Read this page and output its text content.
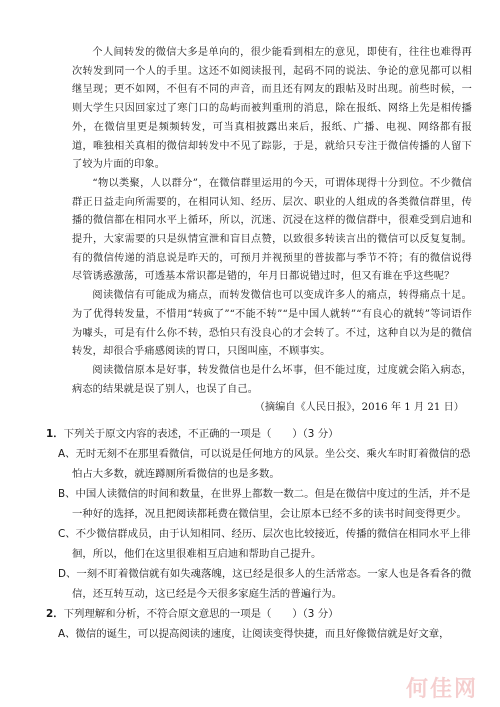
个人间转发的微信大多是单向的，很少能看到相左的意见，即使有，往往也难得再次转发到同一个人的手里。这还不如阅读报刊，起码不同的说法、争论的意见都可以相继呈现；更不如网，不但有不同的声音，而且还有网友的跟帖及时出现。前些时候，一则大学生只因回家过了寒门口的岛屿而被判重刑的消息，除在报纸、网络上先是相传播外，在微信里更是频频转发，可当真相披露出来后，报纸、广播、电视、网络都有报道，唯独相关真相的微信却转发中不见了踪影，于是，就给只专注于微信传播的人留下了较为片面的印象。

“物以类聚，人以群分”，在微信群里运用的今天，可谓体现得十分到位。不少微信群正日益走向所需要的，在相同认知、经历、层次、职业的人组成的各类微信群里，传播的微信都在相同水平上循环，所以，沉迷、沉浸在这样的微信群中，很难受到启迪和提升，大家需要的只是纵情宣泄和盲目点赞，以致很多转读言出的微信可以反复复制。有的微信传递的消息说是昨天的，可预月并视预里的普拔都与季节不符；有的微信说得尽管诱惑激荡，可透基本常识都是错的，年月日都说错过时，但又有谁在乎这些呢？

阅读微信有可能成为痛点，而转发微信也可以变成许多人的痛点，转得痛点十足。为了优得转发量，不惜用“转疯了”“不能不转”“是中国人就转”“有良心的就转”等词语作为噱头，可是有什么你不转，恐怕只有没良心的才会转了。不过，这种自以为是的微信转发，却很合乎痛感阅读的胃口，只图叫座，不顾事实。

阅读微信原本是好事，转发微信也是什么坏事，但不能过度，过度就会陷入病态，病态的结果就是误了别人，也误了自己。

（摘编自《人民日报》，2016 年 1 月 21 日）

1．下列关于原文内容的表述，不正确的一项是（　　）（3 分）

A、无时无刻不在那里看微信，可以说是任何地方的风景。坐公交、乘火车时盯着微信的恐怕占大多数，就连蹲厕所看微信的也是多数。

B、中国人读微信的时间和数量，在世界上都数一数二。但是在微信中度过的生活，并不是一种好的选择，况且把阅读都耗费在微信里，会让原本已经不多的读书时间变得更少。

C、不少微信群成员，由于认知相同、经历、层次也比较接近，传播的微信在相同水平上徘徊，所以，他们在这里很难相互启迪和帮助自己提升。

D、一刻不盯着微信就有如失魂落魄，这已经是很多人的生活常态。一家人也是各看各的微信，还互转互动，这已经是今天很多家庭生活的普遍行为。

2．下列理解和分析，不符合原文意思的一项是（　　）（3 分）

A、微信的诞生，可以提高阅读的速度，让阅读变得快捷，而且好像微信就是好文章，

何佳网
